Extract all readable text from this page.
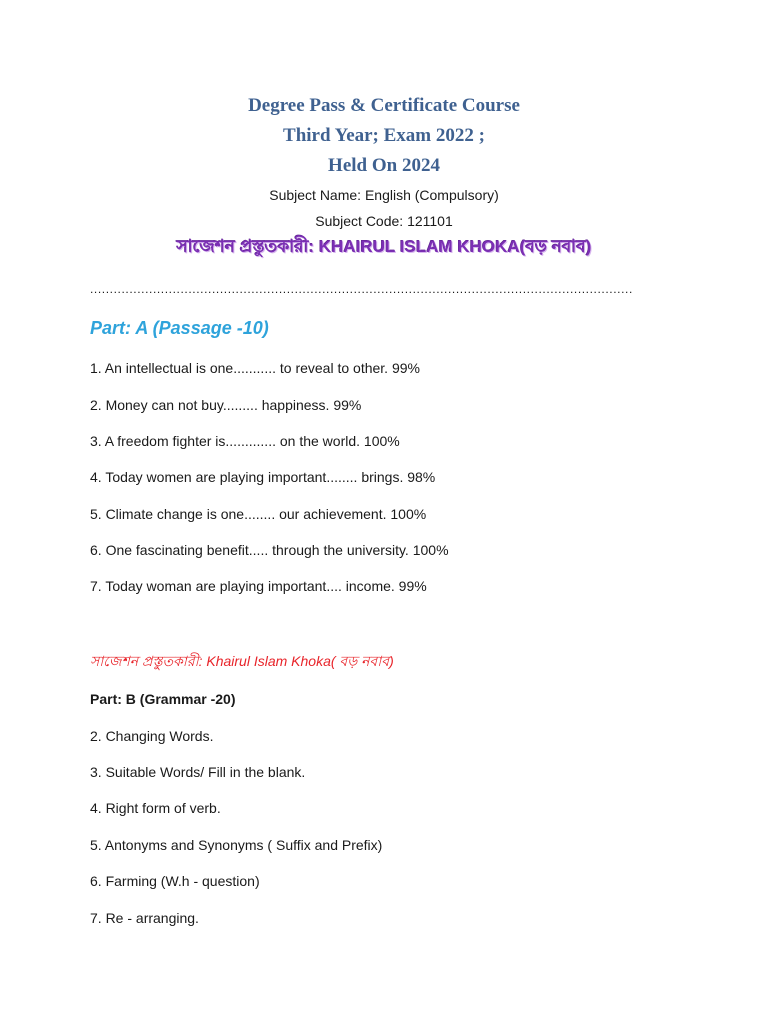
Degree Pass & Certificate Course
Third Year; Exam 2022 ;
Held On 2024
Subject Name: English (Compulsory)
Subject Code: 121101
সাজেশন প্রস্তুতকারী: KHAIRUL ISLAM KHOKA(বড় নবাব)
..........................................................................................................................................
Part: A (Passage -10)
1. An intellectual is one........... to reveal to other. 99%
2. Money can not buy......... happiness. 99%
3. A freedom fighter is............. on the world. 100%
4. Today women are playing important........ brings. 98%
5. Climate change is one........ our achievement. 100%
6. One fascinating benefit..... through the university. 100%
7. Today woman are playing important.... income. 99%
সাজেশন প্রস্তুতকারী: Khairul Islam Khoka( বড় নবাব)
Part: B (Grammar -20)
2. Changing Words.
3. Suitable Words/ Fill in the blank.
4. Right form of verb.
5. Antonyms and Synonyms ( Suffix and Prefix)
6. Farming (W.h - question)
7. Re - arranging.
